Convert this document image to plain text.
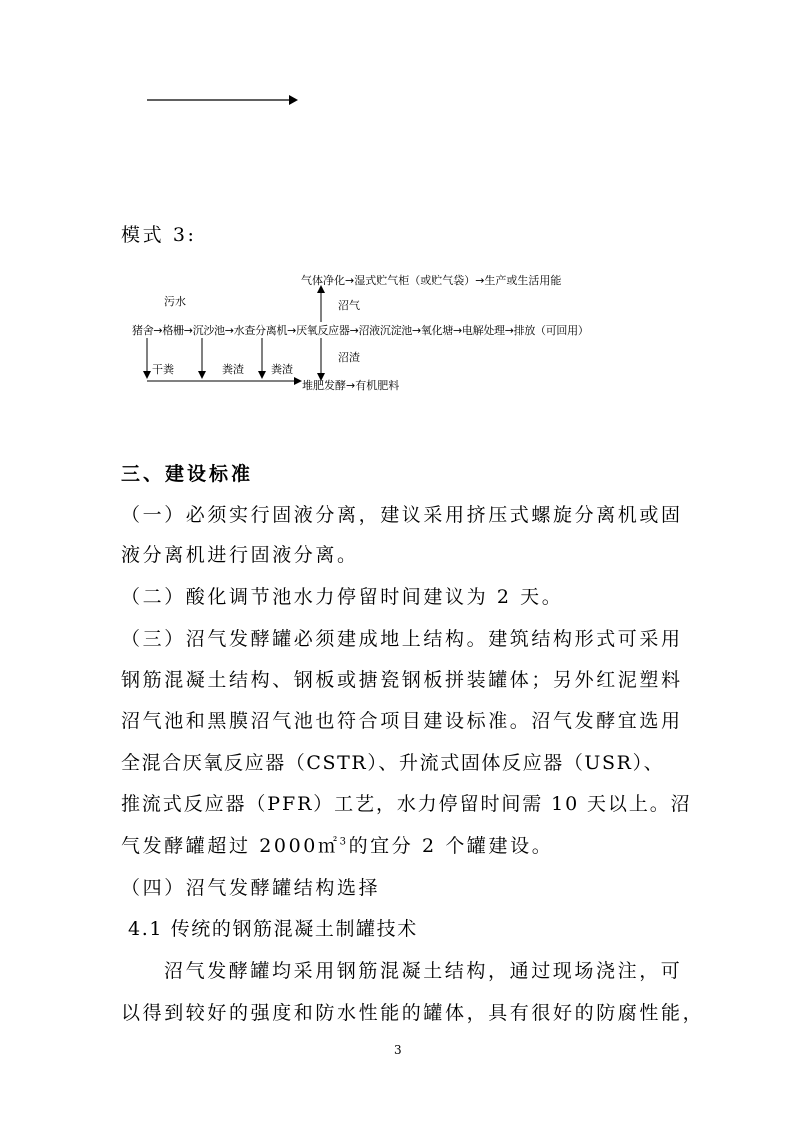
模式 3:
气体净化→湿式贮气柜（或贮气袋）→生产或生活用能
污水	沼气
猪舍→格栅→沉沙池→水查分离机→厌氧反应器→沼液沉淀池→氧化塘→电解处理→排放（可回用）
沼渣
干粪	粪渣 粪渣
堆肥发酵→有机肥料
三、建设标准
（一）必须实行固液分离，建议采用挤压式螺旋分离机或固
液分离机进行固液分离。
（二）酸化调节池水力停留时间建议为 2 天。
（三）沼气发酵罐必须建成地上结构。建筑结构形式可采用
钢筋混凝土结构、钢板或搪瓷钢板拼装罐体；另外红泥塑料
沼气池和黑膜沼气池也符合项目建设标准。沼气发酵宜选用
全混合厌氧反应器（CSTR）、升流式固体反应器（USR）、
推流式反应器（PFR）工艺，水力停留时间需 10 天以上。沼
气发酵罐超过 2000㎡$^3$的宜分 2 个罐建设。
（四）沼气发酵罐结构选择
4.1 传统的钢筋混凝土制罐技术
沼气发酵罐均采用钢筋混凝土结构，通过现场浇注，可
以得到较好的强度和防水性能的罐体，具有很好的防腐性能，
3
